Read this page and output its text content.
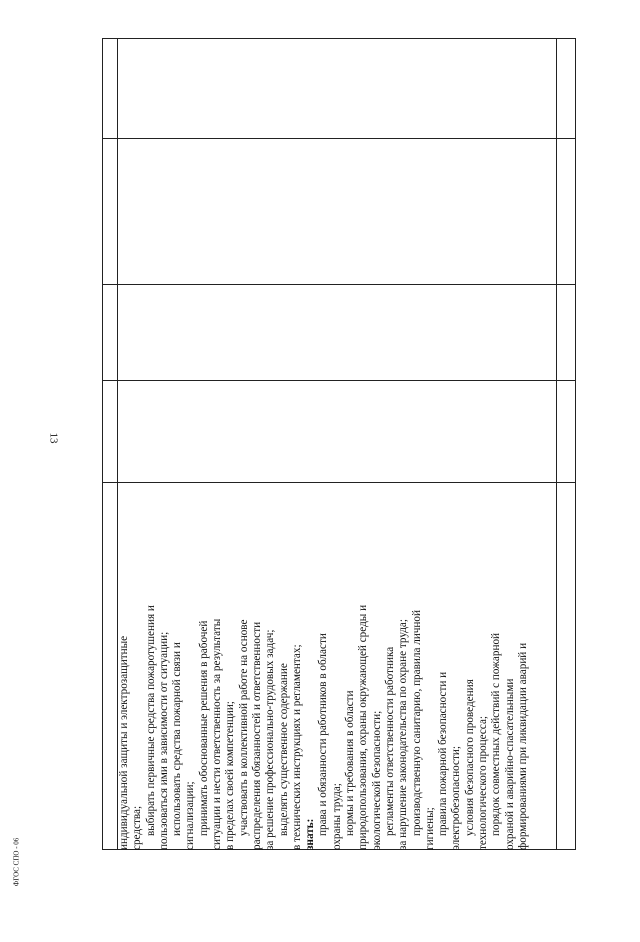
13

индивидуальной защиты и электрозащитные средства; выбирать первичные средства пожаротушения и пользоваться ими в зависимости от ситуации; использовать средства пожарной связи и сигнализации; принимать обоснованные решения в рабочей ситуации и нести ответственность за результаты в пределах своей компетенции; участвовать в коллективной работе на основе распределения обязанностей и ответственности за решение профессионально-трудовых задач; выделять существенное содержание в технических инструкциях и регламентах; знать: права и обязанности работников в области охраны труда; нормы и требования в области природопользования, охраны окружающей среды и экологической безопасности; регламенты ответственности работника за нарушение законодательства по охране труда; производственную санитарию, правила личной гигиены; правила пожарной безопасности и электробезопасности; условия безопасного проведения технологического процесса; порядок совместных действий с пожарной охраной и аварийно-спасательными формированиями при ликвидации аварий и

ФГОС СПО - 06
